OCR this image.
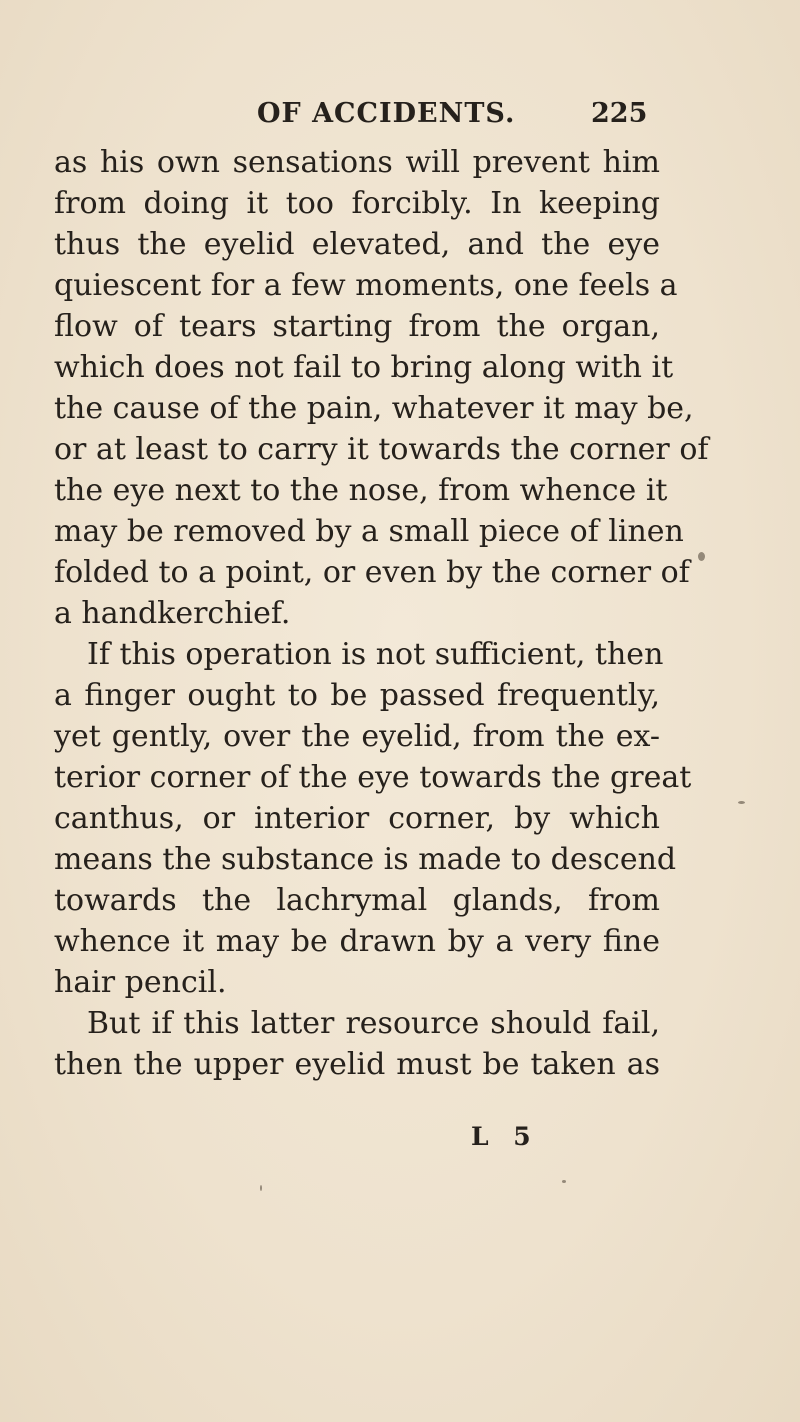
OF ACCIDENTS.	225
as his own sensations will prevent him
from doing it too forcibly. In keeping
thus the eyelid elevated, and the eye
quiescent for a few moments, one feels a
flow of tears starting from the organ,
which does not fail to bring along with it
the cause of the pain, whatever it may be,
or at least to carry it towards the corner of
the eye next to the nose, from whence it
may be removed by a small piece of linen
folded to a point, or even by the corner of
a handkerchief.
If this operation is not sufficient, then
a finger ought to be passed frequently,
yet gently, over the eyelid, from the ex-
terior corner of the eye towards the great
canthus, or interior corner, by which
means the substance is made to descend
towards the lachrymal glands, from
whence it may be drawn by a very fine
hair pencil.
But if this latter resource should fail,
then the upper eyelid must be taken as
L 5
